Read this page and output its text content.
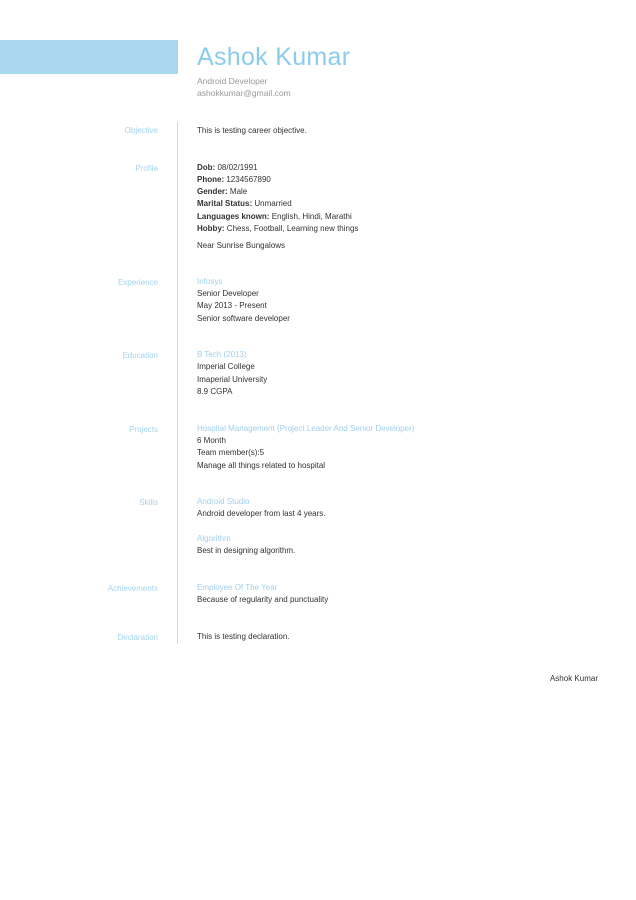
Ashok Kumar
Android Developer
ashokkumar@gmail.com
Objective	This is testing career objective.
Profile	Dob: 08/02/1991
Phone: 1234567890
Gender: Male
Marital Status: Unmarried
Languages known: English, Hindi, Marathi
Hobby: Chess, Football, Learning new things
Near Sunrise Bungalows
Experience	Infosys
Senior Developer
May 2013 - Present
Senior software developer
Education	B Tech (2013)
Imperial College
Imaperial University
8.9 CGPA
Projects	Hospital Management (Project Leader And Senior Developer)
6 Month
Team member(s):5
Manage all things related to hospital
Skills	Android Studio
Android developer from last 4 years.
Algorithm
Best in designing algorithm.
Achievements	Employee Of The Year
Because of regularity and punctuality
Declaration	This is testing declaration.
Ashok Kumar
